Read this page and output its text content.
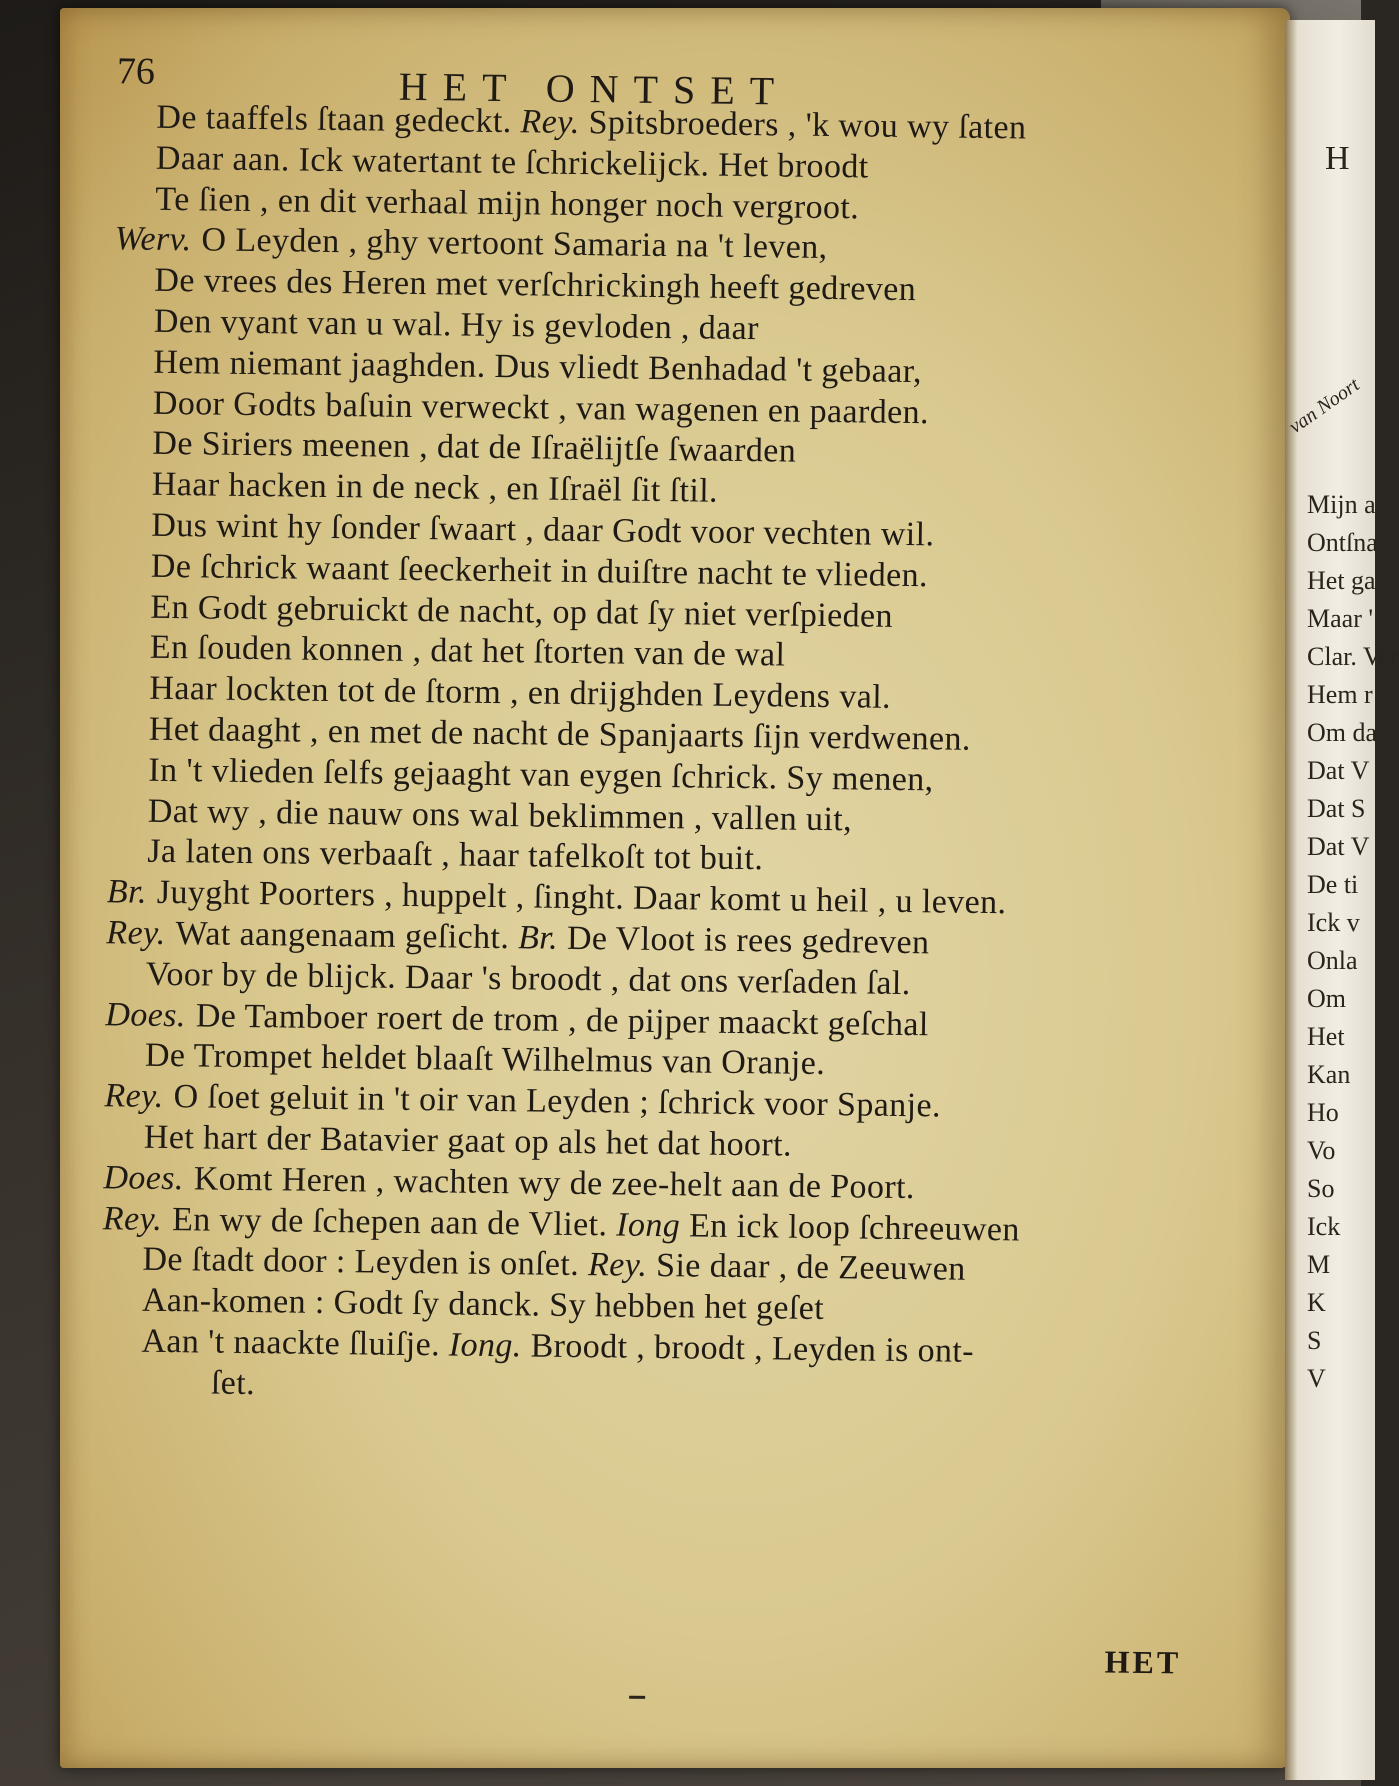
76	HET ONTSET
De taaffels ſtaan gedeckt. Rey. Spitsbroeders , 'k wou wy ſaten
Daar aan. Ick watertant te ſchrickelijck. Het broodt
Te ſien , en dit verhaal mijn honger noch vergroot.
Werv. O Leyden , ghy vertoont Samaria na 't leven,
De vrees des Heren met verſchrickingh heeft gedreven
Den vyant van u wal. Hy is gevloden , daar
Hem niemant jaaghden. Dus vliedt Benhadad 't gebaar,
Door Godts baſuin verweckt , van wagenen en paarden.
De Siriers meenen , dat de Iſraëlijtſe ſwaarden
Haar hacken in de neck , en Iſraël ſit ſtil.
Dus wint hy ſonder ſwaart , daar Godt voor vechten wil.
De ſchrick waant ſeeckerheit in duiſtre nacht te vlieden.
En Godt gebruickt de nacht, op dat ſy niet verſpieden
En ſouden konnen , dat het ſtorten van de wal
Haar lockten tot de ſtorm , en drijghden Leydens val.
Het daaght , en met de nacht de Spanjaarts ſijn verdwenen.
In 't vlieden ſelfs gejaaght van eygen ſchrick. Sy menen,
Dat wy , die nauw ons wal beklimmen , vallen uit,
Ja laten ons verbaaſt , haar tafelkoſt tot buit.
Br. Juyght Poorters , huppelt , ſinght. Daar komt u heil , u leven.
Rey. Wat aangenaam geſicht. Br. De Vloot is rees gedreven
Voor by de blijck. Daar 's broodt , dat ons verſaden ſal.
Does. De Tamboer roert de trom , de pijper maackt geſchal
De Trompet heldet blaaſt Wilhelmus van Oranje.
Rey. O ſoet geluit in 't oir van Leyden ; ſchrick voor Spanje.
Het hart der Batavier gaat op als het dat hoort.
Does. Komt Heren , wachten wy de zee-helt aan de Poort.
Rey. En wy de ſchepen aan de Vliet. Iong En ick loop ſchreeuwen
De ſtadt door : Leyden is onſet. Rey. Sie daar , de Zeeuwen
Aan-komen : Godt ſy danck. Sy hebben het geſet
Aan 't naackte ſluiſje. Iong. Broodt , broodt , Leyden is ont-
ſet.
HET
H
van Noort
Mijn a
Ontſna
Het ga
Maar '
Clar. Ver
Hem r
Om da
Dat V
Dat S
Dat V
De ti
Ick v
Onla
Om
Het
Kan
Ho
Vo
So
Ick
M
K
S
V
